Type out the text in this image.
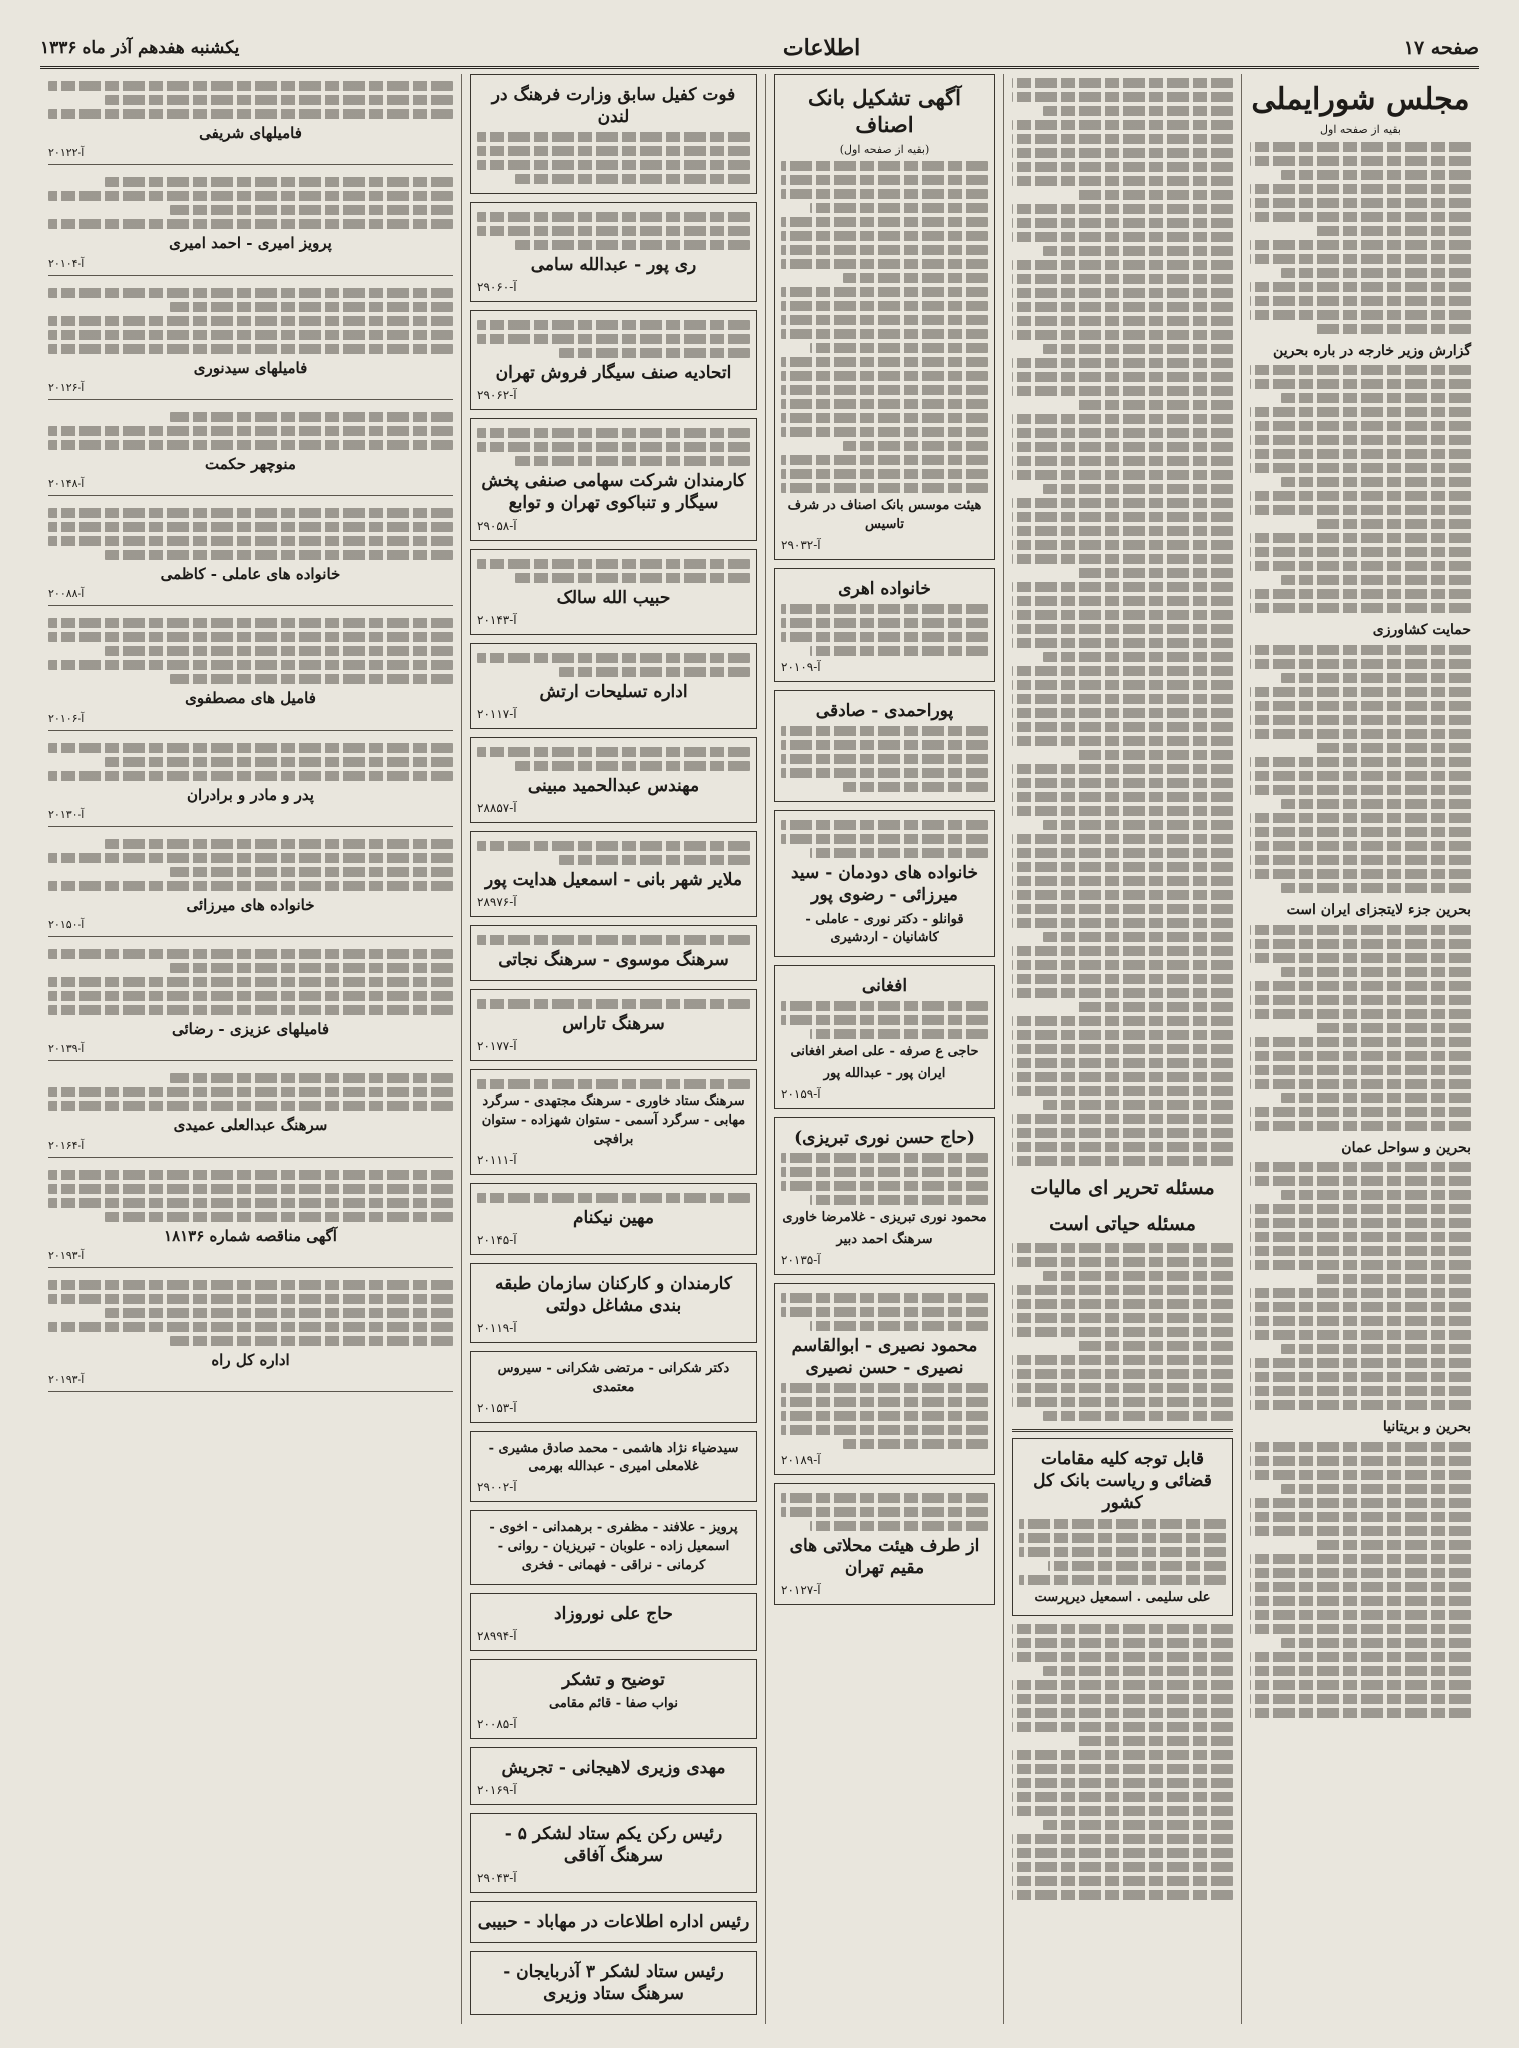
صفحه ۱۷
اطلاعات
یکشنبه هفدهم آذر ماه ۱۳۳۶
مجلس شورایملی
بقیه از صفحه اول
گزارش وزیر خارجه در باره بحرین
حمایت کشاورزی
بحرین جزء لایتجزای ایران است
بحرین و سواحل عمان
بحرین و بریتانیا
مسئله تحریر ای مالیات
مسئله حیاتی است
قابل توجه کلیه مقامات قضائی و ریاست بانک کل کشور
علی سلیمی . اسمعیل دیرپرست
آگهی تشکیل بانک اصناف
(بقیه از صفحه اول)
هیئت موسس بانک اصناف در شرف تاسیس
آ-۲۹۰۳۲
خانواده اهری
آ-۲۰۱۰۹
پوراحمدی - صادقی
خانواده های دودمان - سید میرزائی - رضوی پور
قوانلو - دکتر نوری - عاملی - کاشانیان - اردشیری
افغانی
حاجی ع صرفه - علی اصغر افغانی
ایران پور - عبدالله پور
آ-۲۰۱۵۹
(حاج حسن نوری تبریزی)
محمود نوری تبریزی - غلامرضا خاوری
سرهنگ احمد دبیر
آ-۲۰۱۳۵
محمود نصیری - ابوالقاسم نصیری - حسن نصیری
آ-۲۰۱۸۹
از طرف هیئت محلاتی های مقیم تهران
آ-۲۰۱۲۷
فوت کفیل سابق وزارت فرهنگ در لندن
ری پور - عبدالله سامی
آ-۲۹۰۶۰
اتحادیه صنف سیگار فروش تهران
آ-۲۹۰۶۲
کارمندان شرکت سهامی صنفی پخش سیگار و تنباکوی تهران و توابع
آ-۲۹۰۵۸
حبیب الله سالک
آ-۲۰۱۴۳
اداره تسلیحات ارتش
آ-۲۰۱۱۷
مهندس عبدالحمید مبینی
آ-۲۸۸۵۷
ملایر شهر بانی - اسمعیل هدایت پور
آ-۲۸۹۷۶
سرهنگ موسوی - سرهنگ نجاتی
سرهنگ تاراس
آ-۲۰۱۷۷
سرهنگ ستاد خاوری - سرهنگ مجتهدی - سرگرد مهابی - سرگرد آسمی - ستوان شهزاده - ستوان برافچی
آ-۲۰۱۱۱
مهین نیکنام
آ-۲۰۱۴۵
کارمندان و کارکنان سازمان طبقه بندی مشاغل دولتی
آ-۲۰۱۱۹
دکتر شکرانی - مرتضی شکرانی - سیروس معتمدی
آ-۲۰۱۵۳
سیدضیاء نژاد هاشمی - محمد صادق مشیری - غلامعلی امیری - عبدالله بهرمی
آ-۲۹۰۰۲
پرویز - علافند - مظفری - برهمدانی - اخوی - اسمعیل زاده - علوبان - تبریزیان - روانی - کرمانی - نراقی - فهمانی - فخری
حاج علی نوروزاد
آ-۲۸۹۹۴
توضیح و تشکر
نواب صفا - قائم مقامی
آ-۲۰۰۸۵
مهدی وزیری لاهیجانی - تجریش
آ-۲۰۱۶۹
رئیس رکن یکم ستاد لشکر ۵ - سرهنگ آفاقی
آ-۲۹۰۴۳
رئیس اداره اطلاعات در مهاباد - حبیبی
رئیس ستاد لشکر ۳ آذربایجان - سرهنگ ستاد وزیری
فامیلهای شریفی
آ-۲۰۱۲۲
پرویز امیری - احمد امیری
آ-۲۰۱۰۴
فامیلهای سیدنوری
آ-۲۰۱۲۶
منوچهر حکمت
آ-۲۰۱۴۸
خانواده های عاملی - کاظمی
آ-۲۰۰۸۸
فامیل های مصطفوی
آ-۲۰۱۰۶
پدر و مادر و برادران
آ-۲۰۱۳۰
خانواده های میرزائی
آ-۲۰۱۵۰
فامیلهای عزیزی - رضائی
آ-۲۰۱۳۹
سرهنگ عبدالعلی عمیدی
آ-۲۰۱۶۴
آگهی مناقصه شماره ۱۸۱۳۶
آ-۲۰۱۹۳
اداره کل راه
آ-۲۰۱۹۳
